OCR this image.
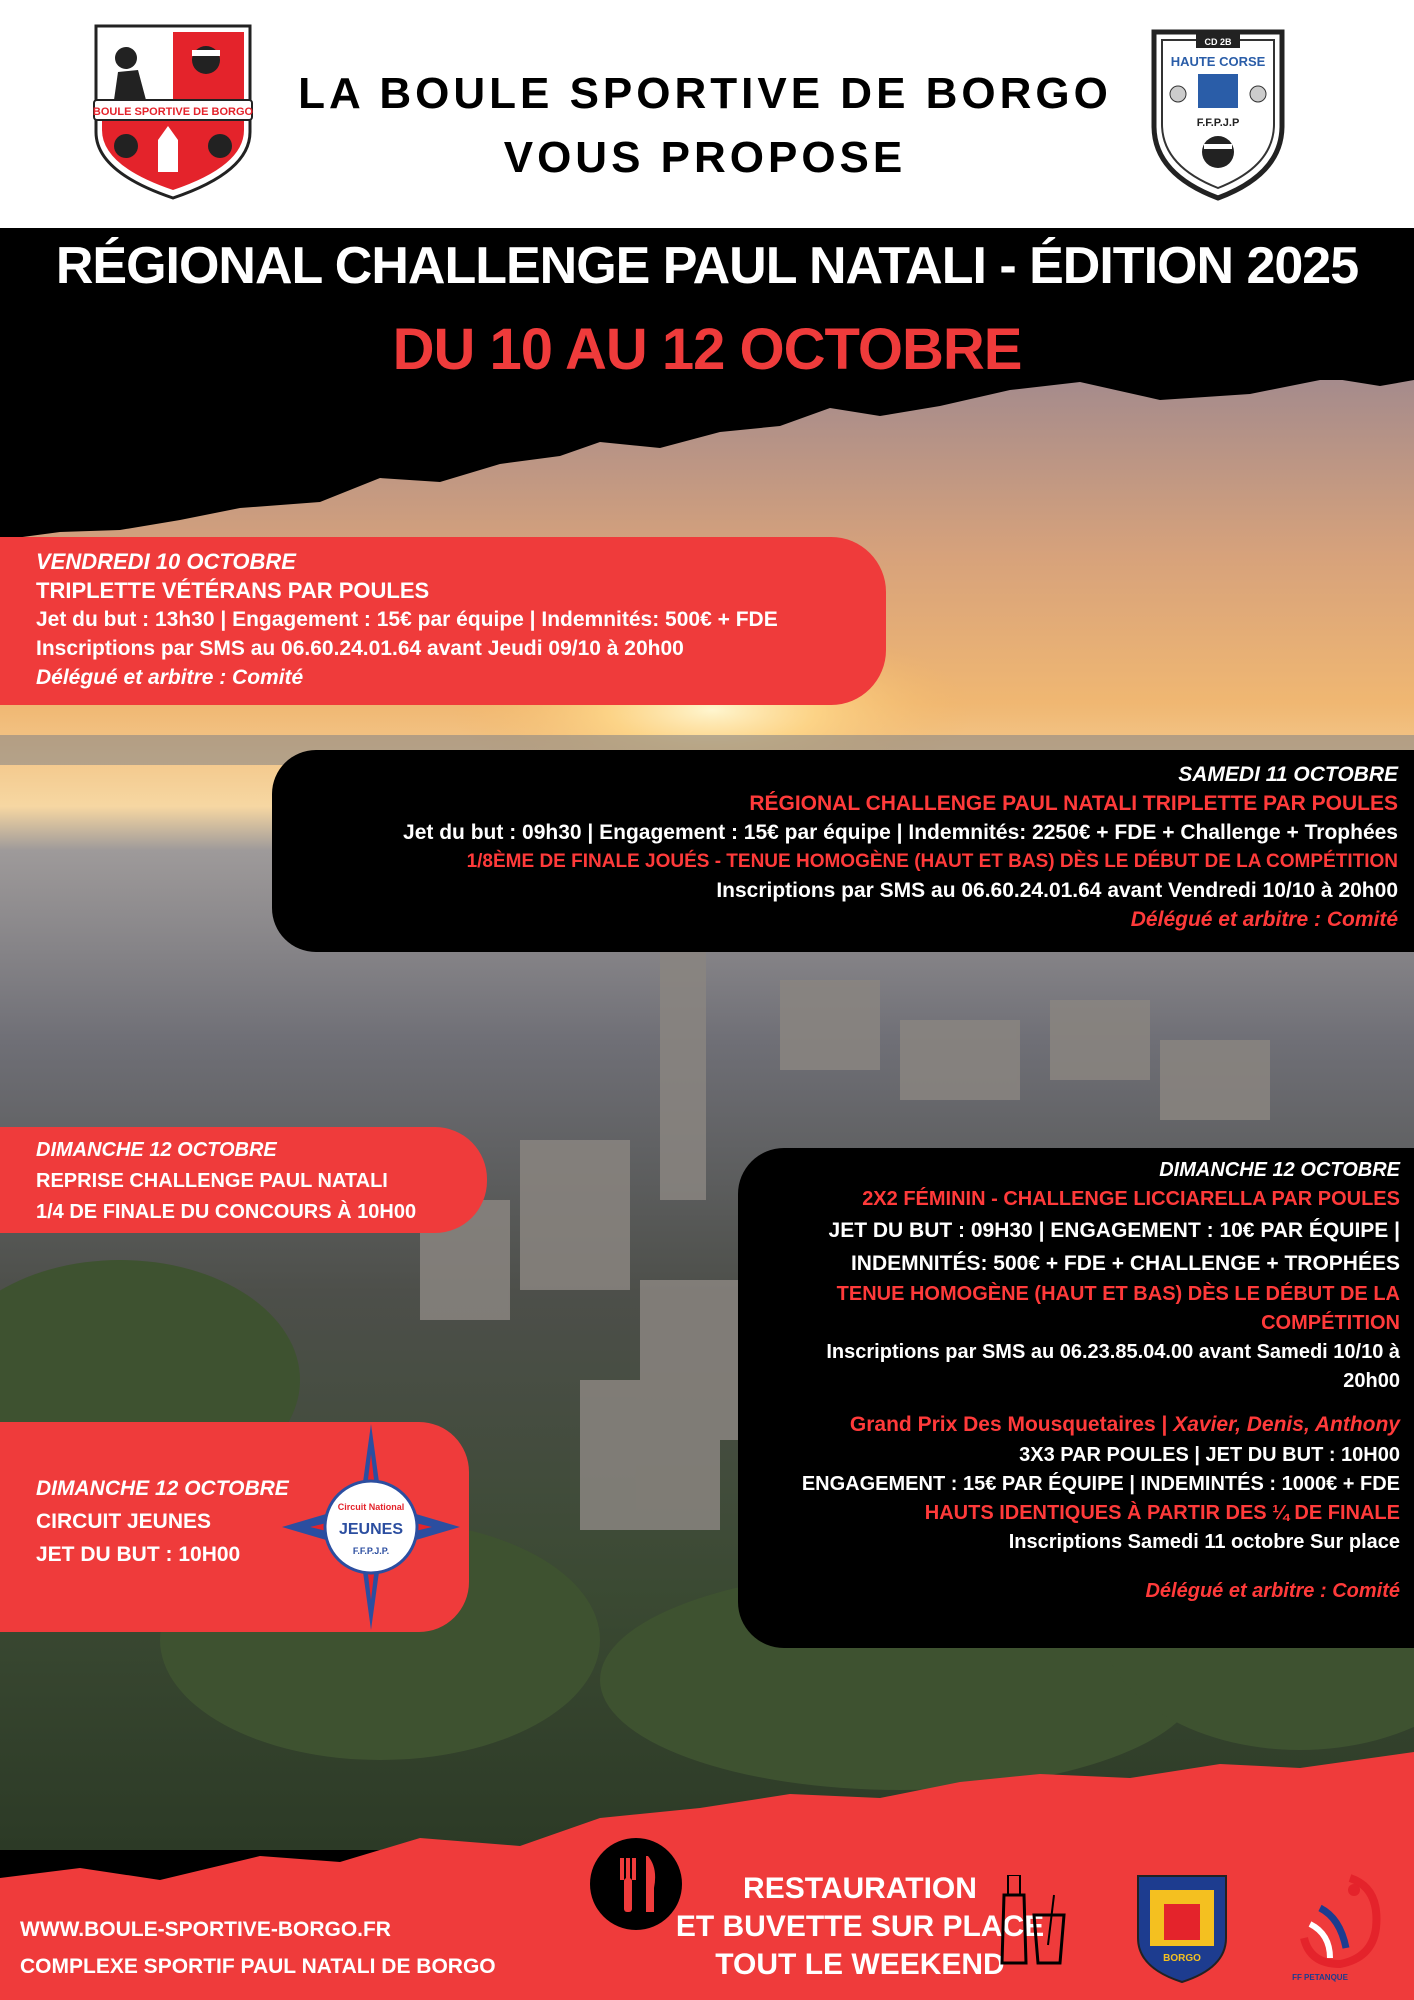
BOULE SPORTIVE DE BORGO	LA BOULE SPORTIVE DE BORGO
VOUS PROPOSE
CD 2B
HAUTE CORSE
F.F.P.J.P
RÉGIONAL CHALLENGE PAUL NATALI - ÉDITION 2025
DU 10 AU 12 OCTOBRE
VENDREDI 10 OCTOBRE
TRIPLETTE VÉTÉRANS PAR POULES
Jet du but : 13h30 | Engagement : 15€ par équipe | Indemnités: 500€ + FDE
Inscriptions par SMS au 06.60.24.01.64 avant Jeudi 09/10 à 20h00
Délégué et arbitre : Comité
SAMEDI 11 OCTOBRE
RÉGIONAL CHALLENGE PAUL NATALI TRIPLETTE PAR POULES
Jet du but : 09h30 | Engagement : 15€ par équipe | Indemnités: 2250€ + FDE + Challenge + Trophées
1/8ÈME DE FINALE JOUÉS - TENUE HOMOGÈNE (HAUT ET BAS) DÈS LE DÉBUT DE LA COMPÉTITION
Inscriptions par SMS au 06.60.24.01.64 avant Vendredi 10/10 à 20h00
Délégué et arbitre : Comité
DIMANCHE 12 OCTOBRE
REPRISE CHALLENGE PAUL NATALI
1/4 DE FINALE DU CONCOURS À 10H00
DIMANCHE 12 OCTOBRE
CIRCUIT JEUNES
JET DU BUT : 10H00
Circuit National
JEUNES
F.F.P.J.P.
DIMANCHE 12 OCTOBRE
2X2 FÉMININ - CHALLENGE LICCIARELLA PAR POULES
JET DU BUT : 09H30 | ENGAGEMENT : 10€ PAR ÉQUIPE |
INDEMNITÉS: 500€ + FDE + CHALLENGE + TROPHÉES
TENUE HOMOGÈNE (HAUT ET BAS) DÈS LE DÉBUT DE LA
COMPÉTITION
Inscriptions par SMS au 06.23.85.04.00 avant Samedi 10/10 à
20h00
Grand Prix Des Mousquetaires | Xavier, Denis, Anthony
3X3 PAR POULES | JET DU BUT : 10H00
ENGAGEMENT : 15€ PAR ÉQUIPE | INDEMINTÉS : 1000€ + FDE
HAUTS IDENTIQUES À PARTIR DES ¼ DE FINALE
Inscriptions Samedi 11 octobre Sur place
Délégué et arbitre : Comité
WWW.BOULE-SPORTIVE-BORGO.FR
COMPLEXE SPORTIF PAUL NATALI DE BORGO
RESTAURATION
ET BUVETTE SUR PLACE
TOUT LE WEEKEND	BORGO
FF PETANQUE
